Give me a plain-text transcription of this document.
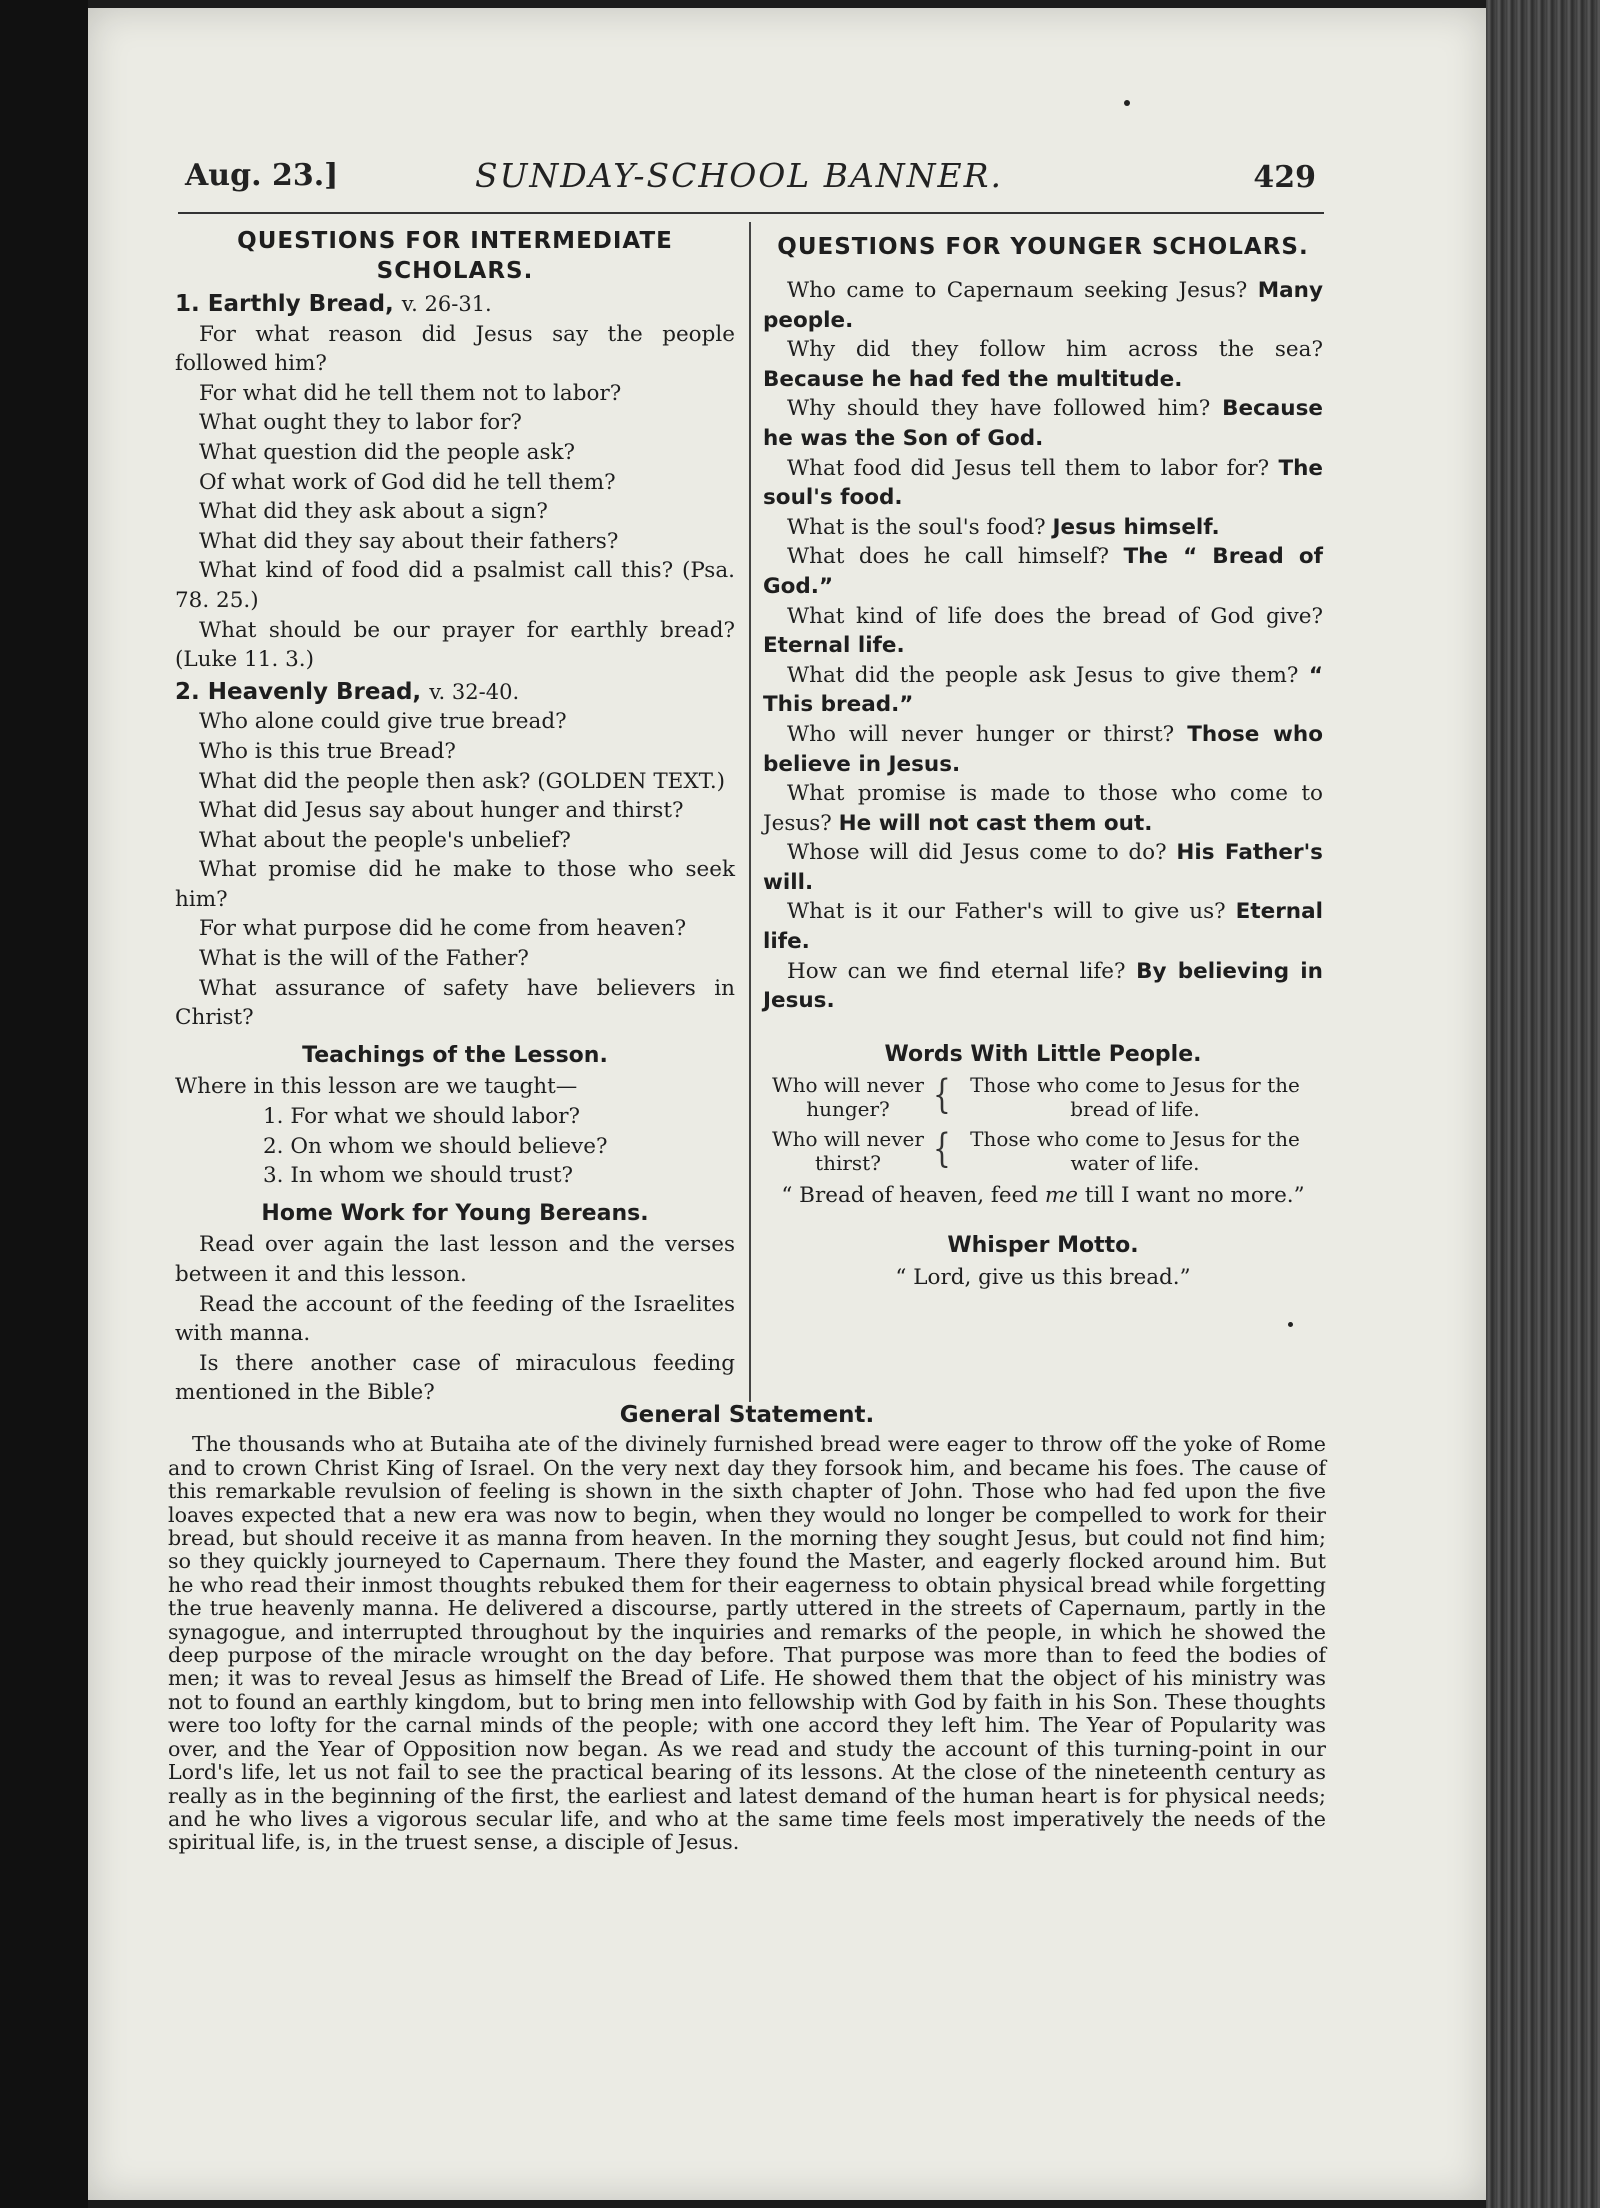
Aug. 23.]	SUNDAY-SCHOOL BANNER.	429
QUESTIONS FOR INTERMEDIATE SCHOLARS.
1. Earthly Bread, v. 26-31.
For what reason did Jesus say the people followed him?
For what did he tell them not to labor?
What ought they to labor for?
What question did the people ask?
Of what work of God did he tell them?
What did they ask about a sign?
What did they say about their fathers?
What kind of food did a psalmist call this? (Psa. 78. 25.)
What should be our prayer for earthly bread? (Luke 11. 3.)
2. Heavenly Bread, v. 32-40.
Who alone could give true bread?
Who is this true Bread?
What did the people then ask? (GOLDEN TEXT.)
What did Jesus say about hunger and thirst?
What about the people's unbelief?
What promise did he make to those who seek him?
For what purpose did he come from heaven?
What is the will of the Father?
What assurance of safety have believers in Christ?
Teachings of the Lesson.
Where in this lesson are we taught—
1. For what we should labor?
2. On whom we should believe?
3. In whom we should trust?
Home Work for Young Bereans.
Read over again the last lesson and the verses between it and this lesson.
Read the account of the feeding of the Israelites with manna.
Is there another case of miraculous feeding mentioned in the Bible?
QUESTIONS FOR YOUNGER SCHOLARS.
Who came to Capernaum seeking Jesus? Many people.
Why did they follow him across the sea? Because he had fed the multitude.
Why should they have followed him? Because he was the Son of God.
What food did Jesus tell them to labor for? The soul's food.
What is the soul's food? Jesus himself.
What does he call himself? The “ Bread of God.”
What kind of life does the bread of God give? Eternal life.
What did the people ask Jesus to give them? “ This bread.”
Who will never hunger or thirst? Those who believe in Jesus.
What promise is made to those who come to Jesus? He will not cast them out.
Whose will did Jesus come to do? His Father's will.
What is it our Father's will to give us? Eternal life.
How can we find eternal life? By believing in Jesus.
Words With Little People.
Who will never hunger?	{ Those who come to Jesus for the bread of life.
Who will never thirst?	{ Those who come to Jesus for the water of life.
“ Bread of heaven, feed me till I want no more.”
Whisper Motto.
“ Lord, give us this bread.”
General Statement.
The thousands who at Butaiha ate of the divinely furnished bread were eager to throw off the yoke of Rome and to crown Christ King of Israel. On the very next day they forsook him, and became his foes. The cause of this remarkable revulsion of feeling is shown in the sixth chapter of John. Those who had fed upon the five loaves expected that a new era was now to begin, when they would no longer be compelled to work for their bread, but should receive it as manna from heaven. In the morning they sought Jesus, but could not find him; so they quickly journeyed to Capernaum. There they found the Master, and eagerly flocked around him. But he who read their inmost thoughts rebuked them for their eagerness to obtain physical bread while forgetting the true heavenly manna. He delivered a discourse, partly uttered in the streets of Capernaum, partly in the synagogue, and interrupted throughout by the inquiries and remarks of the people, in which he showed the deep purpose of the miracle wrought on the day before. That purpose was more than to feed the bodies of men; it was to reveal Jesus as himself the Bread of Life. He showed them that the object of his ministry was not to found an earthly kingdom, but to bring men into fellowship with God by faith in his Son. These thoughts were too lofty for the carnal minds of the people; with one accord they left him. The Year of Popularity was over, and the Year of Opposition now began. As we read and study the account of this turning-point in our Lord's life, let us not fail to see the practical bearing of its lessons. At the close of the nineteenth century as really as in the beginning of the first, the earliest and latest demand of the human heart is for physical needs; and he who lives a vigorous secular life, and who at the same time feels most imperatively the needs of the spiritual life, is, in the truest sense, a disciple of Jesus.
